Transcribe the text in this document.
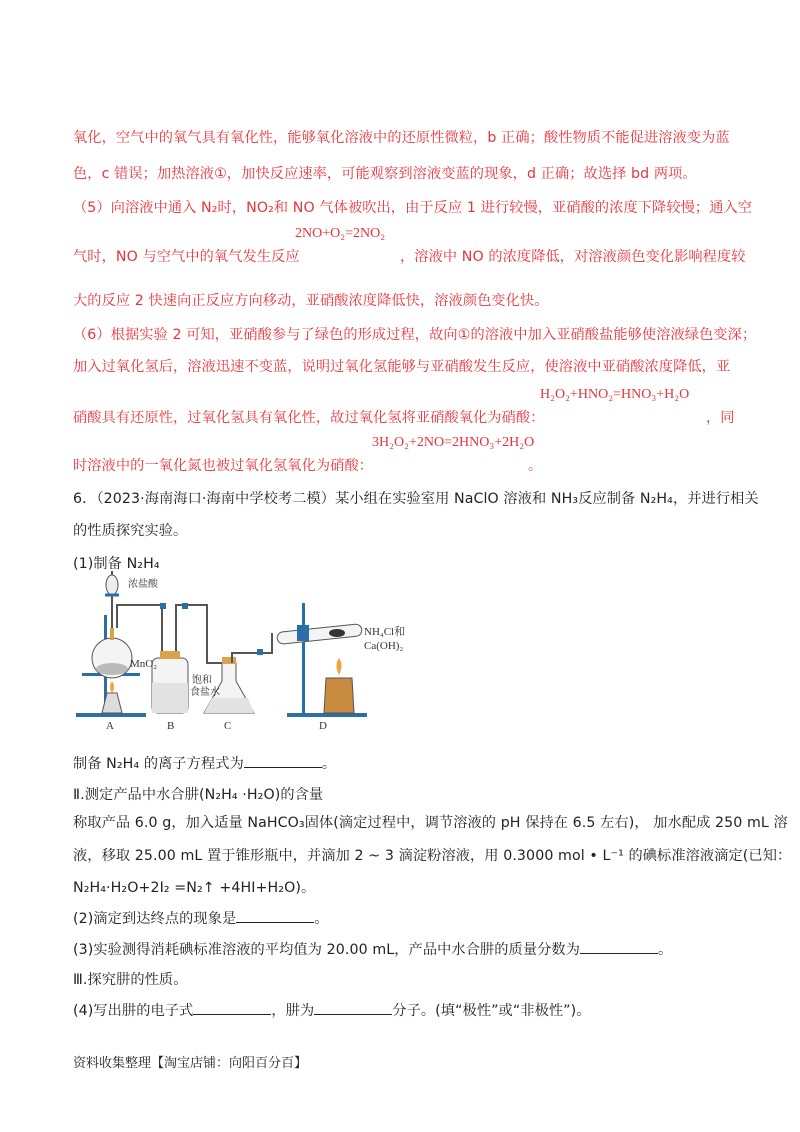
氧化，空气中的氧气具有氧化性，能够氧化溶液中的还原性微粒，b 正确；酸性物质不能促进溶液变为蓝
色，c 错误；加热溶液①，加快反应速率，可能观察到溶液变蓝的现象，d 正确；故选择 bd 两项。
（5）向溶液中通入 N₂时，NO₂和 NO 气体被吹出，由于反应 1 进行较慢，亚硝酸的浓度下降较慢；通入空
气时，NO 与空气中的氧气发生反应
2NO+O₂=2NO₂
，溶液中 NO 的浓度降低，对溶液颜色变化影响程度较
大的反应 2 快速向正反应方向移动，亚硝酸浓度降低快，溶液颜色变化快。
（6）根据实验 2 可知，亚硝酸参与了绿色的形成过程，故向①的溶液中加入亚硝酸盐能够使溶液绿色变深；
加入过氧化氢后，溶液迅速不变蓝，说明过氧化氢能够与亚硝酸发生反应，使溶液中亚硝酸浓度降低，亚
硝酸具有还原性，过氧化氢具有氧化性，故过氧化氢将亚硝酸氧化为硝酸：
H₂O₂+HNO₂=HNO₃+H₂O
，同
时溶液中的一氧化氮也被过氧化氢氧化为硝酸：
3H₂O₂+2NO=2HNO₃+2H₂O
。
6．（2023·海南海口·海南中学校考二模）某小组在实验室用 NaClO 溶液和 NH₃反应制备 N₂H₄，并进行相关
的性质探究实验。
(1)制备 N₂H₄
浓盐酸
MnO₂
饱和
食盐水
NH₄Cl和
Ca(OH)₂
A	B	C	D
制备 N₂H₄ 的离子方程式为	。
Ⅱ.测定产品中水合肼(N₂H₄ ·H₂O)的含量
称取产品 6.0 g，加入适量 NaHCO₃固体(滴定过程中，调节溶液的 pH 保持在 6.5 左右)， 加水配成 250 mL 溶
液，移取 25.00 mL 置于锥形瓶中，并滴加 2 ~ 3 滴淀粉溶液，用 0.3000 mol • L⁻¹ 的碘标准溶液滴定(已知：
N₂H₄·H₂O+2I₂ =N₂↑ +4HI+H₂O)。
(2)滴定到达终点的现象是	。
(3)实验测得消耗碘标准溶液的平均值为 20.00 mL，产品中水合肼的质量分数为	。
Ⅲ.探究肼的性质。
(4)写出肼的电子式	，肼为	分子。(填“极性”或“非极性”)。
资料收集整理【淘宝店铺：向阳百分百】
